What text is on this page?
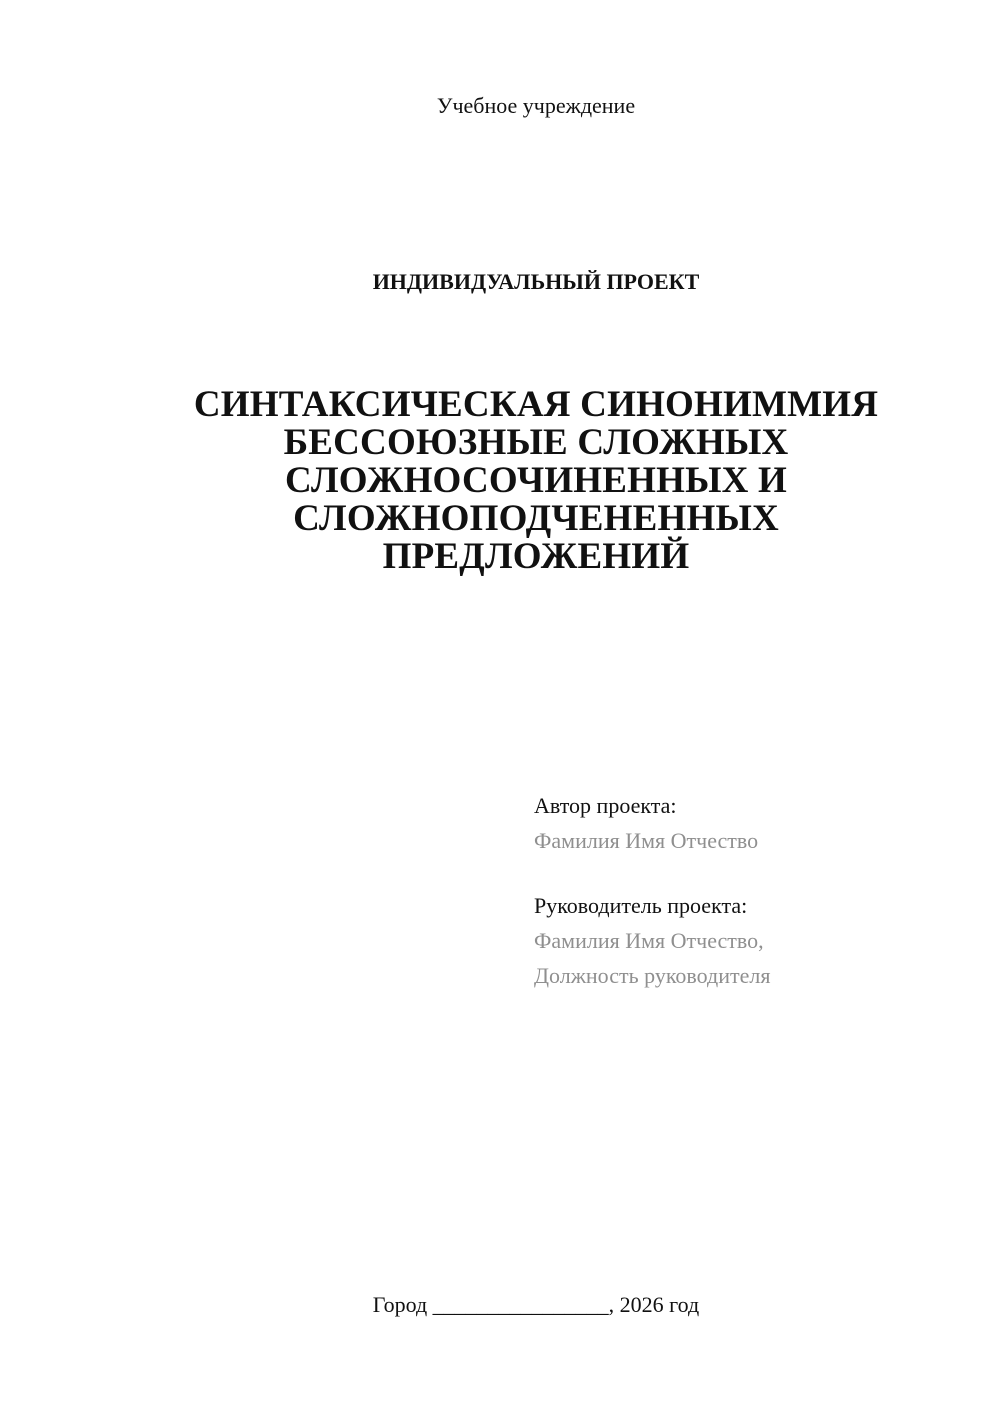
Учебное учреждение
ИНДИВИДУАЛЬНЫЙ ПРОЕКТ
СИНТАКСИЧЕСКАЯ СИНОНИММИЯ
БЕССОЮЗНЫЕ СЛОЖНЫХ
СЛОЖНОСОЧИНЕННЫХ И
СЛОЖНОПОДЧЕНЕННЫХ
ПРЕДЛОЖЕНИЙ
Автор проекта:
Фамилия Имя Отчество
Руководитель проекта:
Фамилия Имя Отчество,
Должность руководителя
Город ________________, 2026 год
